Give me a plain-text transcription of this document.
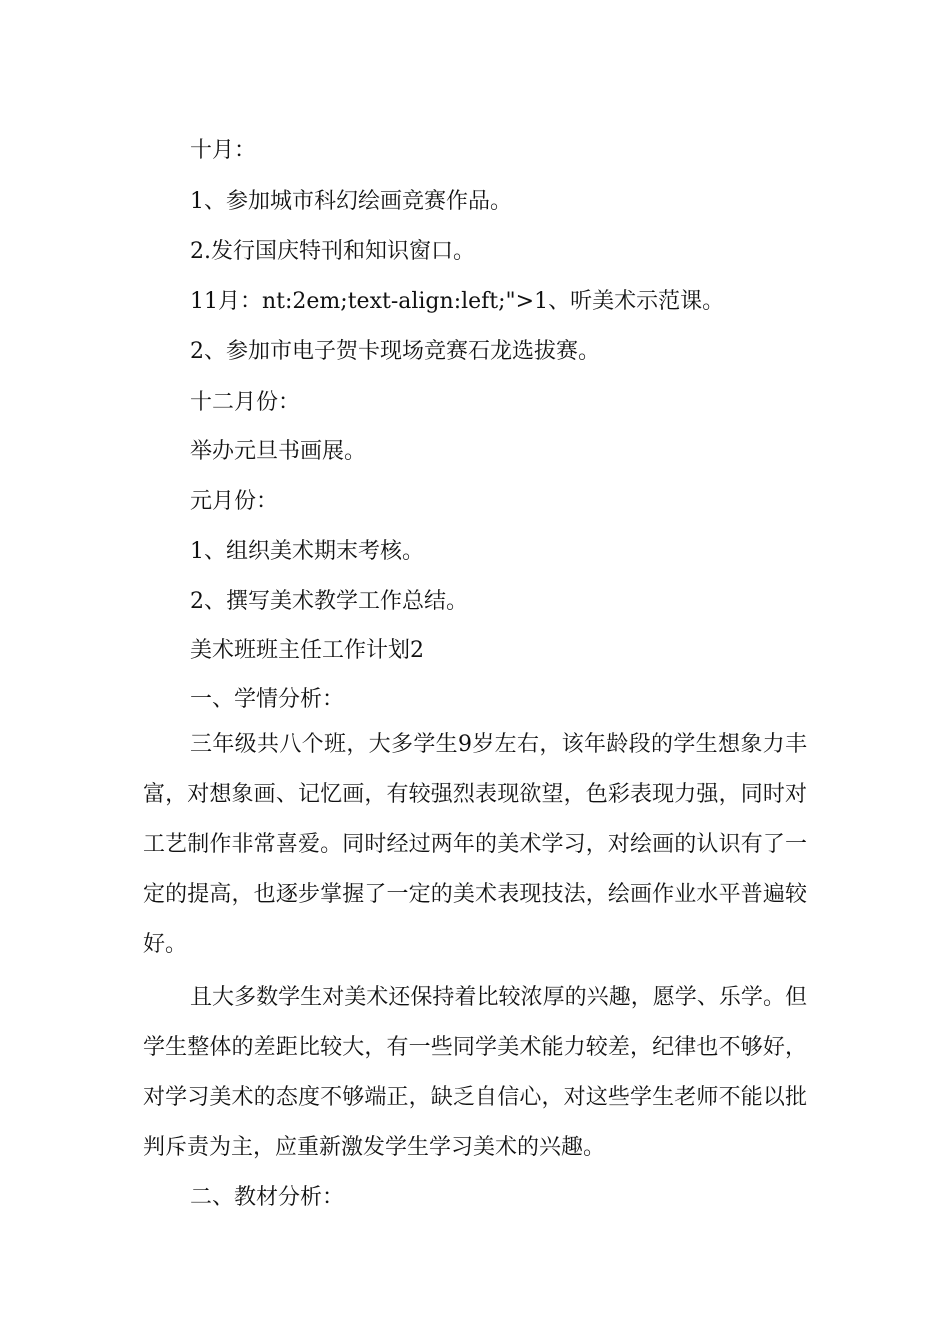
十月：

1、参加城市科幻绘画竞赛作品。

2.发行国庆特刊和知识窗口。

11月：nt:2em;text-align:left;">1、听美术示范课。

2、参加市电子贺卡现场竞赛石龙选拔赛。

十二月份：

举办元旦书画展。

元月份：

1、组织美术期末考核。

2、撰写美术教学工作总结。

美术班班主任工作计划2

一、学情分析：

三年级共八个班，大多学生9岁左右，该年龄段的学生想象力丰富，对想象画、记忆画，有较强烈表现欲望，色彩表现力强，同时对工艺制作非常喜爱。同时经过两年的美术学习，对绘画的认识有了一定的提高，也逐步掌握了一定的美术表现技法，绘画作业水平普遍较好。

且大多数学生对美术还保持着比较浓厚的兴趣，愿学、乐学。但学生整体的差距比较大，有一些同学美术能力较差，纪律也不够好，对学习美术的态度不够端正，缺乏自信心，对这些学生老师不能以批判斥责为主，应重新激发学生学习美术的兴趣。

二、教材分析：
